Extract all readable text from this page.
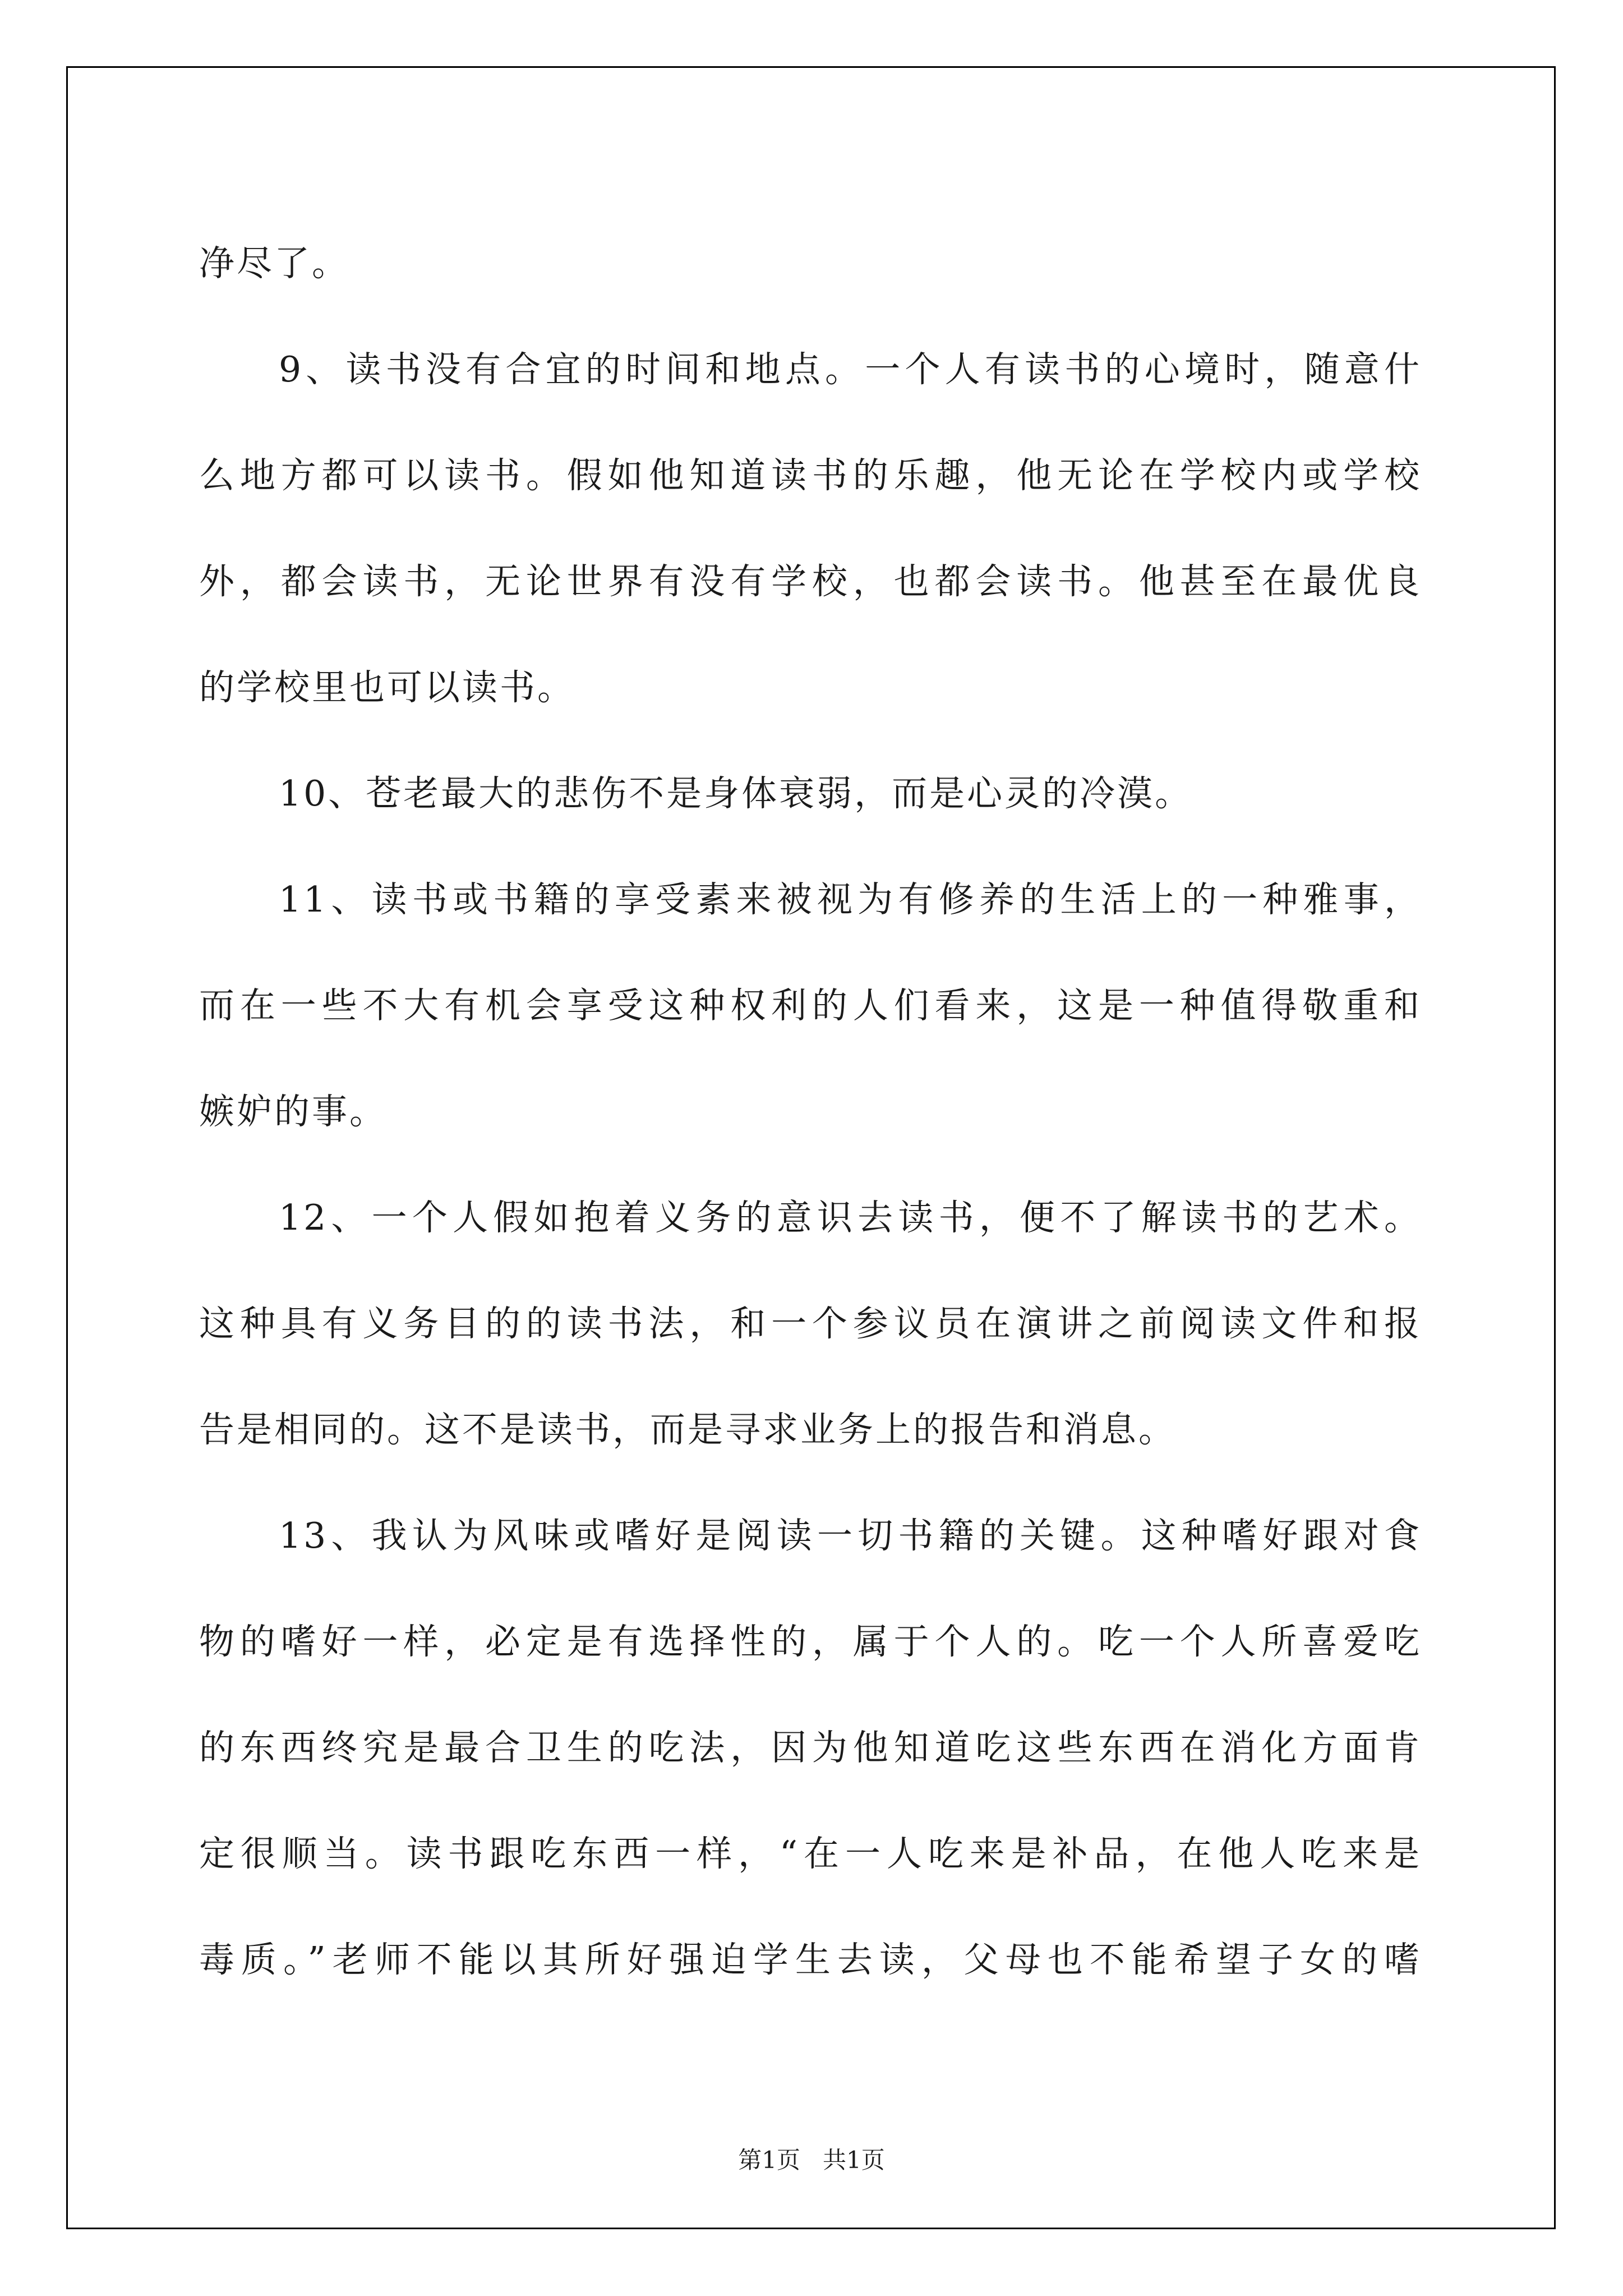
净尽了。
9、读书没有合宜的时间和地点。一个人有读书的心境时，随意什
么地方都可以读书。假如他知道读书的乐趣，他无论在学校内或学校
外，都会读书，无论世界有没有学校，也都会读书。他甚至在最优良
的学校里也可以读书。
10、苍老最大的悲伤不是身体衰弱，而是心灵的冷漠。
11、读书或书籍的享受素来被视为有修养的生活上的一种雅事，
而在一些不大有机会享受这种权利的人们看来，这是一种值得敬重和
嫉妒的事。
12、一个人假如抱着义务的意识去读书，便不了解读书的艺术。
这种具有义务目的的读书法，和一个参议员在演讲之前阅读文件和报
告是相同的。这不是读书，而是寻求业务上的报告和消息。
13、我认为风味或嗜好是阅读一切书籍的关键。这种嗜好跟对食
物的嗜好一样，必定是有选择性的，属于个人的。吃一个人所喜爱吃
的东西终究是最合卫生的吃法，因为他知道吃这些东西在消化方面肯
定很顺当。读书跟吃东西一样，“在一人吃来是补品，在他人吃来是
毒质。”老师不能以其所好强迫学生去读，父母也不能希望子女的嗜
第1页 共1页
